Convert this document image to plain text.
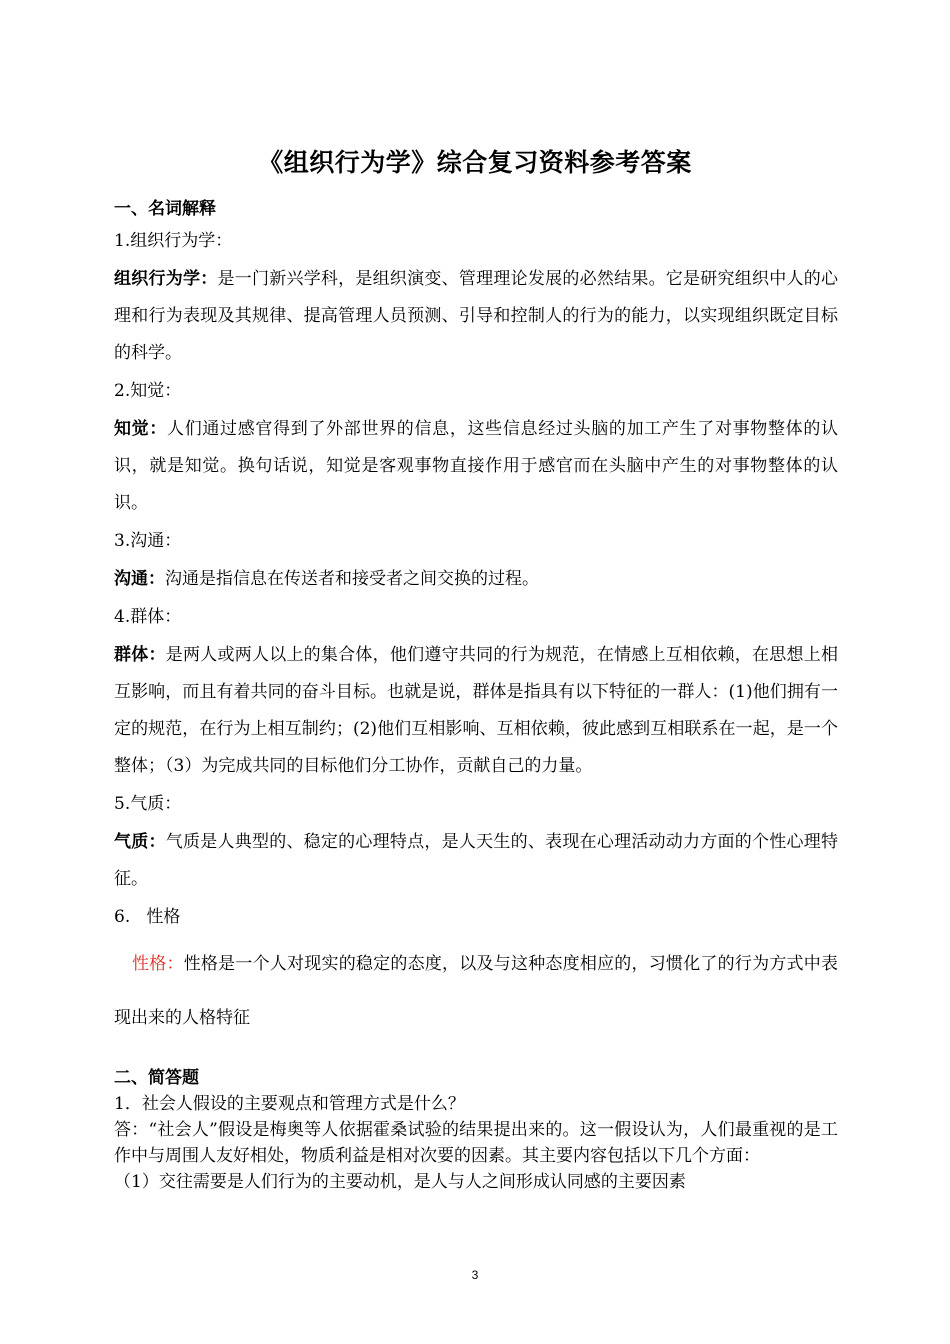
《组织行为学》综合复习资料参考答案

一、名词解释

1.组织行为学：

组织行为学：是一门新兴学科，是组织演变、管理理论发展的必然结果。它是研究组织中人的心理和行为表现及其规律、提高管理人员预测、引导和控制人的行为的能力，以实现组织既定目标的科学。

2.知觉：

知觉：人们通过感官得到了外部世界的信息，这些信息经过头脑的加工产生了对事物整体的认识，就是知觉。换句话说，知觉是客观事物直接作用于感官而在头脑中产生的对事物整体的认识。

3.沟通：

沟通：沟通是指信息在传送者和接受者之间交换的过程。

4.群体：

群体：是两人或两人以上的集合体，他们遵守共同的行为规范，在情感上互相依赖，在思想上相互影响，而且有着共同的奋斗目标。也就是说，群体是指具有以下特征的一群人：(1)他们拥有一定的规范，在行为上相互制约；(2)他们互相影响、互相依赖，彼此感到互相联系在一起，是一个整体；（3）为完成共同的目标他们分工协作，贡献自己的力量。

5.气质：

气质：气质是人典型的、稳定的心理特点，是人天生的、表现在心理活动动力方面的个性心理特征。

6.   性格

性格：性格是一个人对现实的稳定的态度，以及与这种态度相应的，习惯化了的行为方式中表现出来的人格特征

二、简答题

1．社会人假设的主要观点和管理方式是什么？

答：“社会人”假设是梅奥等人依据霍桑试验的结果提出来的。这一假设认为，人们最重视的是工作中与周围人友好相处，物质利益是相对次要的因素。其主要内容包括以下几个方面：

（1）交往需要是人们行为的主要动机，是人与人之间形成认同感的主要因素

3
